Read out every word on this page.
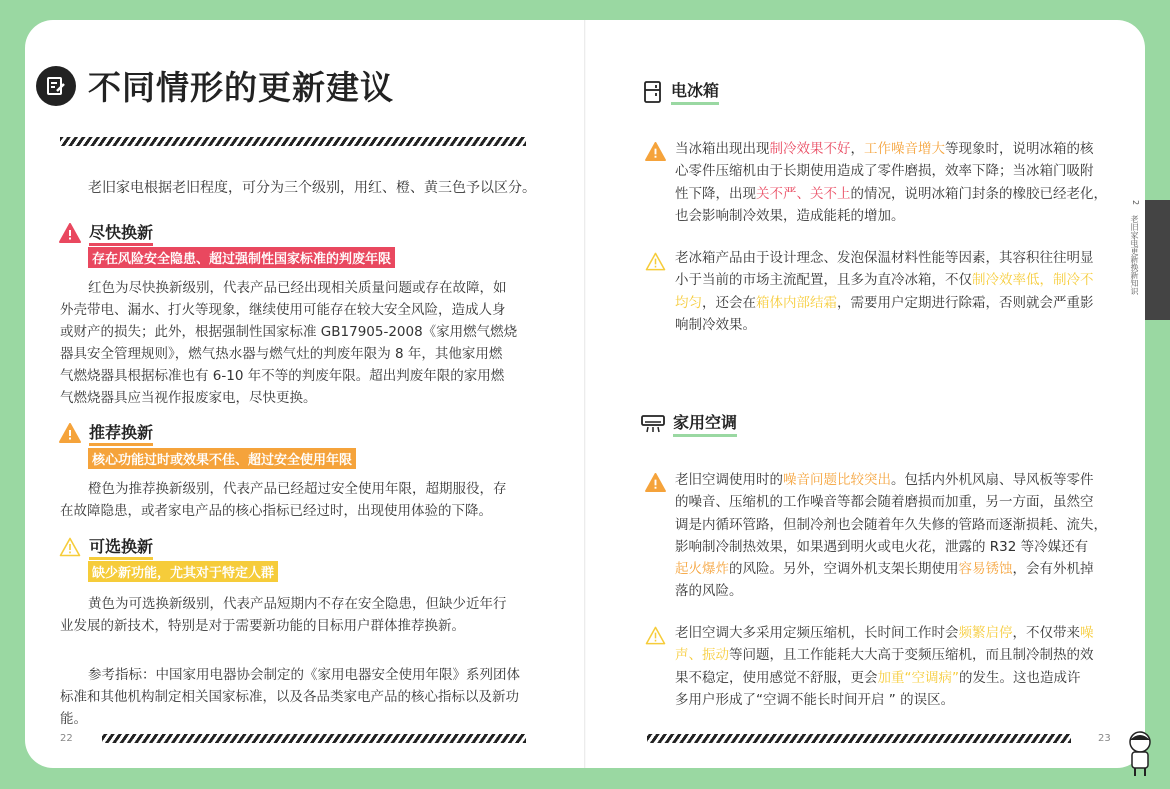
不同情形的更新建议
老旧家电根据老旧程度，可分为三个级别，用红、橙、黄三色予以区分。
尽快换新
存在风险安全隐患、超过强制性国家标准的判废年限
红色为尽快换新级别，代表产品已经出现相关质量问题或存在故障，如
外壳带电、漏水、打火等现象，继续使用可能存在较大安全风险，造成人身
或财产的损失；此外，根据强制性国家标准 GB17905-2008《家用燃气燃烧
器具安全管理规则》，燃气热水器与燃气灶的判废年限为 8 年，其他家用燃
气燃烧器具根据标准也有 6-10 年不等的判废年限。超出判废年限的家用燃
气燃烧器具应当视作报废家电，尽快更换。
推荐换新
核心功能过时或效果不佳、超过安全使用年限
橙色为推荐换新级别，代表产品已经超过安全使用年限，超期服役，存
在故障隐患，或者家电产品的核心指标已经过时，出现使用体验的下降。
可选换新
缺少新功能，尤其对于特定人群
黄色为可选换新级别，代表产品短期内不存在安全隐患，但缺少近年行
业发展的新技术，特别是对于需要新功能的目标用户群体推荐换新。
参考指标：中国家用电器协会制定的《家用电器安全使用年限》系列团体
标准和其他机构制定相关国家标准，以及各品类家电产品的核心指标以及新功能。
22
电冰箱
当冰箱出现出现制冷效果不好，工作噪音增大等现象时，说明冰箱的核
心零件压缩机由于长期使用造成了零件磨损，效率下降；当冰箱门吸附
性下降，出现关不严、关不上的情况，说明冰箱门封条的橡胶已经老化，
也会影响制冷效果，造成能耗的增加。
老冰箱产品由于设计理念、发泡保温材料性能等因素，其容积往往明显
小于当前的市场主流配置，且多为直冷冰箱，不仅制冷效率低，制冷不
均匀，还会在箱体内部结霜，需要用户定期进行除霜，否则就会严重影
响制冷效果。
家用空调
老旧空调使用时的噪音问题比较突出。包括内外机风扇、导风板等零件
的噪音、压缩机的工作噪音等都会随着磨损而加重，另一方面，虽然空
调是内循环管路，但制冷剂也会随着年久失修的管路而逐渐损耗、流失，
影响制冷制热效果，如果遇到明火或电火花，泄露的 R32 等冷媒还有
起火爆炸的风险。另外，空调外机支架长期使用容易锈蚀，会有外机掉
落的风险。
老旧空调大多采用定频压缩机，长时间工作时会频繁启停，不仅带来噪
声、振动等问题，且工作能耗大大高于变频压缩机，而且制冷制热的效
果不稳定，使用感觉不舒服，更会加重“空调病”的发生。这也造成许
多用户形成了“空调不能长时间开启 ” 的误区。
23
2
老旧家电更新换新知识
